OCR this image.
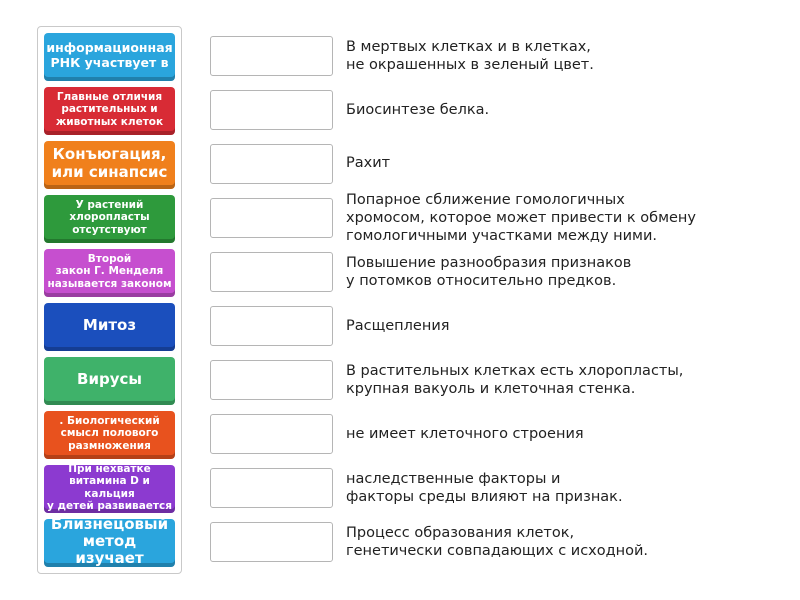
информационная
РНК участвует в
Главные отличия
растительных и
животных клеток
Конъюгация,
или синапсис
У растений
хлоропласты
отсутствуют
Второй
закон Г. Менделя
называется законом
Митоз
Вирусы
. Биологический
смысл полового
размножения
При нехватке
витамина D и кальция
у детей развивается
Близнецовый
метод изучает
В мертвых клетках и в клетках,
не окрашенных в зеленый цвет.
Биосинтезе белка.
Рахит
Попарное сближение гомологичных
хромосом, которое может привести к обмену
гомологичными участками между ними.
Повышение разнообразия признаков
у потомков относительно предков.
Расщепления
В растительных клетках есть хлоропласты,
крупная вакуоль и клеточная стенка.
не имеет клеточного строения
наследственные факторы и
факторы среды влияют на признак.
Процесс образования клеток,
генетически совпадающих с исходной.
